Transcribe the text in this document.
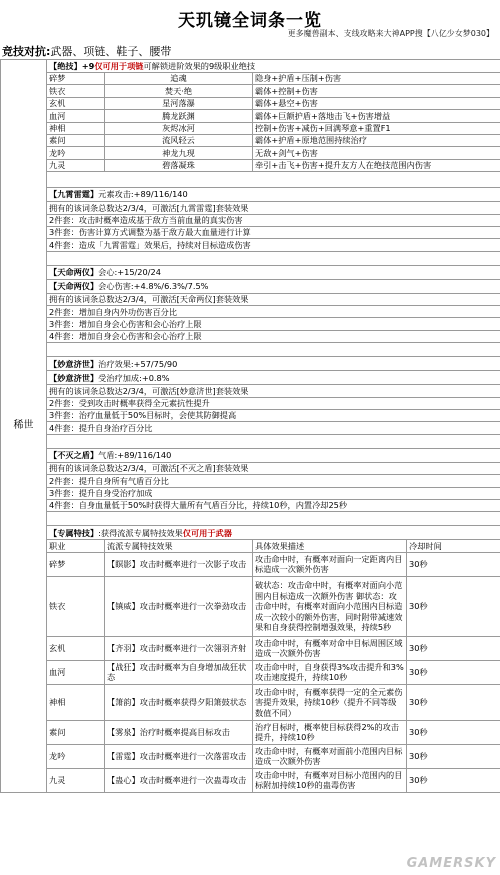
天玑镜全词条一览
更多魔兽副本、支线攻略来大神APP搜【八亿少女梦030】
竞技对抗:武器、项链、鞋子、腰带
稀世	【绝技】+9仅可用于项链可解锁进阶效果的9级职业绝技			
	碎梦	追魂	隐身+护盾+压制+伤害	
	铁衣	焚天·绝	霸体+控制+伤害	
	玄机	星河落瀑	霸体+悬空+伤害	
	血河	腾龙跃渊	霸体+巨额护盾+落地击飞+伤害增益	
	神相	灰烬冰河	控制+伤害+减伤+回满琴意+重置F1	
	素问	流风轻云	霸体+护盾+原地范围持续治疗	
	龙吟	神龙九现	无敌+剑气+伤害	
	九灵	碧落凝珠	牵引+击飞+伤害+提升友方人在绝技范围内伤害	

	【九霄雷霆】元素攻击:+89/116/140			
	拥有的该词条总数达2/3/4，可激活[九霄雷霆]套装效果			
	2件套：攻击时概率造成基于敌方当前血量的真实伤害			
	3件套：伤害计算方式调整为基于敌方最大血量进行计算			
	4件套：造成「九霄雷霆」效果后，持续对目标造成伤害			

	【天命两仪】会心:+15/20/24			
	【天命两仪】会心伤害:+4.8%/6.3%/7.5%			
	拥有的该词条总数达2/3/4，可激活[天命两仪]套装效果			
	2件套：增加自身内外功伤害百分比			
	3件套：增加自身会心伤害和会心治疗上限			
	4件套：增加自身会心伤害和会心治疗上限			

	【妙意济世】治疗效果:+57/75/90			
	【妙意济世】受治疗加成:+0.8%			
	拥有的该词条总数达2/3/4，可激活[妙意济世]套装效果			
	2件套：受到攻击时概率获得全元素抗性提升			
	3件套：治疗血量低于50%目标时，会使其防御提高			
	4件套：提升自身治疗百分比			

	【不灭之盾】气盾:+89/116/140			
	拥有的该词条总数达2/3/4，可激活[不灭之盾]套装效果			
	2件套：提升自身所有气盾百分比			
	3件套：提升自身受治疗加成			
	4件套：自身血量低于50%时获得大量所有气盾百分比，持续10秒，内置冷却25秒			

	【专属特技】:获得流派专属特技效果仅可用于武器			
	职业	流派专属特技效果	具体效果描述	冷却时间
	碎梦	【瞑影】攻击时概率进行一次影子攻击	攻击命中时，有概率对面向一定距离内目标造成一次额外伤害	30秒
	铁衣	【镇威】攻击时概率进行一次拳劲攻击	破状态：攻击命中时，有概率对面向小范围内目标造成一次额外伤害 御状态：攻击命中时，有概率对面向小范围内目标造成一次较小的额外伤害，同时附带减速效果和自身获得控制增强效果，持续5秒	30秒
	玄机	【齐羽】攻击时概率进行一次翎羽齐射	攻击命中时，有概率对命中目标周围区域造成一次额外伤害	30秒
	血河	【战狂】攻击时概率为自身增加战狂状态	攻击命中时，自身获得3%攻击提升和3%攻击速度提升，持续10秒	30秒
	神相	【箫韵】攻击时概率获得夕阳箫鼓状态	攻击命中时，有概率获得一定的全元素伤害提升效果，持续10秒（提升不同等级数值不同）	30秒
	素问	【雾泉】治疗时概率提高目标攻击	治疗目标时，概率使目标获得2%的攻击提升，持续10秒	30秒
	龙吟	【雷霆】攻击时概率进行一次落雷攻击	攻击命中时，有概率对面前小范围内目标造成一次额外伤害	30秒
	九灵	【蛊心】攻击时概率进行一次蛊毒攻击	攻击命中时，有概率对目标小范围内的目标附加持续10秒的蛊毒伤害	30秒
GAMERSKY
